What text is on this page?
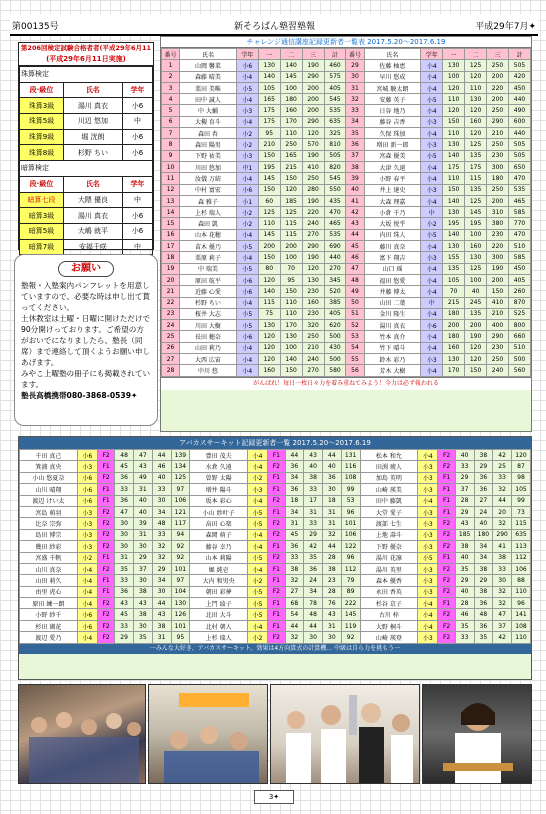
第00135号	新そろばん塾習塾報	平成29年7月✦
第206回検定試験合格者者(平成29年6月11
(平成29年6月11日実施)
珠算検定		
段·級位	氏名	学年
珠算3級	湯川 真衣	小6
珠算5級	川辺 悠加	中
珠算9級	堀 洸朗	小6
珠算8級	杉野 ちい	小6
暗算検定		
段·級位	氏名	学年
暗算七段	大隈 優良	中
暗算3級	湯川 真衣	小6
暗算5級	大嶋 就平	小6
暗算7級	安福千咲	中
お願い
塾報・入塾案内パンフレットを用意していますので、必要な時は申し出て貰ってください。
土休教室は土曜・日曜に開けただけで90分開けっております。ご希望の方がおいでになりましたら、塾長（同席）まで連絡して頂くようお願い申しあげます。
みやこ上曜塾の冊子にも掲載されています。
塾長高橋携帯080-3868-0539✦
チャレンジ通信講座記録更新者一覧表 2017.5.20〜2017.6.19
番号	氏名	学年	一	二	三	計	番号	氏名	学年	一	二	三	計
1	山岡 馨菜	小6	130	140	190	460	29	佐藤 柚恵	小4	130	125	250	505
2	森藤 晴美	小4	140	145	290	575	30	早川 悠成	小4	100	120	200	420
3	栗田 美唯	小5	105	100	200	405	31	宮城 駿太朗	小4	120	110	220	450
4	田中 誠人	小4	165	180	200	545	32	安藤 英子	小5	110	130	200	440
5	中 大輔	小3	175	160	200	535	33	日谷 地乃	小4	120	120	250	490
6	大槻 育斗	小4	175	170	290	635	34	藤谷 吉香	小3	150	160	290	600
7	森田 杏	小2	95	110	120	325	35	久保 珠加	小4	110	120	210	440
8	森田 陽男	小2	210	250	570	810	36	増田 新一郎	小3	130	125	250	505
9	下野 祐美	小3	150	165	190	505	37	宮森 優美	小5	140	135	230	505
10	川田 悠加	中1	195	215	410	820	38	大津 久遠	小4	175	175	300	650
11	汝儀 万結	小4	145	150	250	545	39	小野 春平	小4	110	115	180	470
12	中村 富宏	小6	150	120	280	550	40	井上 達史	小3	150	135	250	535
13	森 雅子	小1	60	185	190	435	41	大森 理嘉	小4	140	125	200	465
14	上杉 瑞人	小2	125	125	220	470	42	小倉 千乃	中	130	145	310	585
15	森田 凱	小2	110	115	240	465	43	大坂 悦乎	小2	195	195	380	770
16	山本 花穂	小4	145	115	270	535	44	内田 珠人	小5	140	100	230	470
17	苗木 優乃	小5	200	200	290	690	45	藤川 真奈	小4	130	160	220	510
18	栗原 莉子	小4	150	100	190	440	46	富下 翔吉	小3	155	130	300	585
19	中 瑞美	小5	80	70	120	270	47	山口 瑶	小4	135	125	190	450
20	原田 航平	小6	120	95	130	345	48	福田 悠愛	小4	105	100	200	405
21	近藤 心愛	小6	140	150	230	520	49	井藤 博太	小4	70	40	150	260
22	杉野 ちい	小4	115	110	160	385	50	山田 二葉	中	215	245	410	870
23	桜井 大志	小5	75	110	230	405	51	金川 隆生	小4	180	135	210	525
24	川田 大樹	小5	130	170	320	620	52	湯川 真衣	小6	200	200	400	800
25	長田 穂奈	小6	120	130	250	500	53	竹本 真介	小4	180	190	290	660
26	山田 莉乃	小4	120	100	210	430	54	竹下 晴斗	小4	160	120	230	510
27	大西 広宙	小4	120	140	240	500	55	鈴木 彩乃	小3	130	120	250	500
28	中川 悠	小4	160	150	270	580	56	芳木 大樹	小4	170	150	240	560
がんばれ！毎日一枚日々力を着み重ねてみよう！今力は必ず報われる
アバカスサーキット記録更新者一覧 2017.5.20〜2017.6.19
千田 真己	小6	F2	48	47	44	139	豊田 茂夫	小4	F1	44	43	44	131	松本 和允	小4	F2	40	38	42	120
箕浦 真央	小3	F1	45	43	46	134	水倉 久遠	小4	F2	36	40	40	116	田渕 琥人	小3	F2	33	29	25	87
小山 悠夏奈	小6	F2	36	49	40	125	曽野 太陽	小2	F1	34	38	36	108	加島 英明	小3	F1	29	36	33	98
山川 晴翔	小6	F1	33	31	33	97	増井 陽斗	小3	F1	36	33	30	99	山崎 瑛美	小3	F1	37	36	32	105
渡辺 けい太	小6	F1	36	40	30	106	坂本 彩心	小4	F2	18	17	18	53	田中 藤凱	小4	F1	28	27	44	99
宮島 萌羽	小3	F2	47	40	34	121	小山 紗叶子	小5	F1	34	31	31	96	大堂 愛子	小3	F1	29	24	20	73
比奈 宗弥	小3	F2	30	39	48	117	畠田 心楽	小5	F2	31	33	31	101	渡部 七生	小3	F2	43	40	32	115
島田 博宗	小3	F2	30	31	33	94	森岡 萌子	小4	F2	45	29	32	106	上地 壽斗	小3	F2	185	180	290	635
幾田 紗彩	小3	F2	30	30	32	92	藤谷 幸乃	小4	F1	36	42	44	122	下野 優奈	小3	F2	38	34	41	113
宮盛 千帆	小2	F1	31	29	32	92	山本 莉陽	小5	F2	33	35	28	96	湯川 花凛	小5	F1	40	34	38	112
山川 真奈	小4	F2	35	37	29	101	堀 純壱	小4	F1	38	36	38	112	湯川 英里	小3	F2	35	38	33	106
山田 莉久	小4	F1	33	30	34	97	大内 和男央	小2	F1	32	24	23	79	森本 優香	小3	F2	29	29	30	88
由里 虎心	小4	F1	36	38	30	104	朝田 彩夢	小5	F2	27	34	28	89	永田 香英	小3	F2	40	38	32	110
原田 練一朗	小4	F2	43	43	44	130	上門 綾子	小5	F1	68	78	76	222	杉谷 京子	小4	F1	28	36	32	96
小野 紗千	小6	F2	45	38	43	126	北田 大斗	小5	F1	54	48	43	145	古川 梓	小4	F2	46	48	47	141
杉田 瑚花	小6	F2	33	30	38	101	北村 朝人	小4	F1	44	44	31	119	大野 桐斗	小4	F2	35	36	37	108
渡辺 愛乃	小4	F2	29	35	31	95	上杉 瑞人	小2	F2	32	30	30	92	山崎 瑛登	小3	F2	33	35	42	110
一みんな大好き、アバカスサーキット。効果は4方向算式の計算機… 中級は自ら力を挑もう一
3✦
